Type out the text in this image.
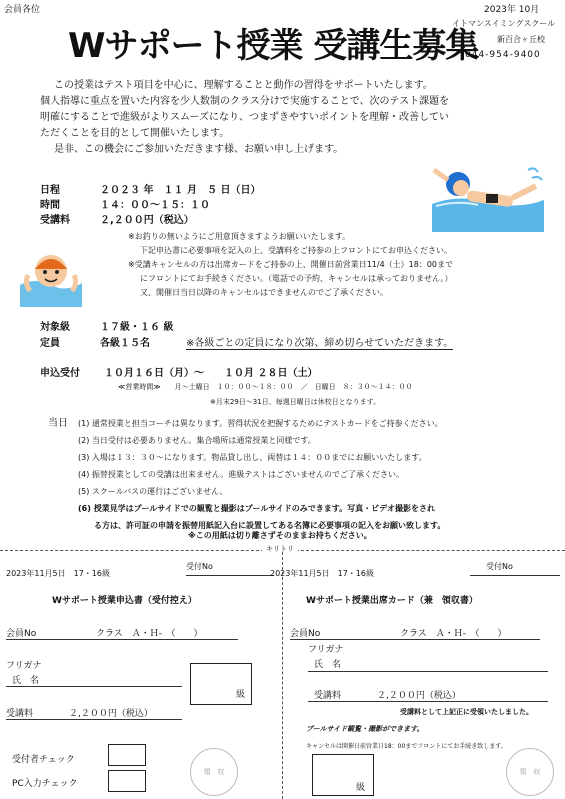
会員各位	2023年 10月
Wサポート授業 受講生募集
イトマンスイミングスクール
新百合ヶ丘校
044-954-9400
この授業はテスト項目を中心に、理解することと動作の習得をサポートいたします。
個人指導に重点を置いた内容を少人数制のクラス分けで実施することで、次のテスト課題を
明確にすることで進級がよりスムーズになり、つまずきやすいポイントを理解・改善してい
ただくことを目的として開催いたします。
是非、この機会にご参加いただきます様、お願い申し上げます。
日程	２０２３ 年　１１ 月　５ 日（日）
時間	１４：００～１５：１０
受講料	２,２００円（税込）
※お釣りの無いようにご用意頂きますようお願いいたします。
下記申込書に必要事項を記入の上、受講料をご持参の上フロントにてお申込ください。
※受講キャンセルの方は出席カードをご持参の上、開催日前営業日11/4（土）18：00まで
にフロントにてお手続きください。（電話での予約、キャンセルは承っておりません。）
又、開催日当日以降のキャンセルはできませんのでご了承ください。
対象級	１７級・１６ 級
定員	各級１５名	※各級ごとの定員になり次第、締め切らせていただきます。
申込受付 １０月１６日（月）～　　１０月 ２８日（土）
≪営業時間≫　　月～土曜日　１０：００～１８：００　／　日曜日　８：３０～１４：００
※月末29日～31日、毎週日曜日は休校日となります。
当日 (1) 通常授業と担当コーチは異なります。習得状況を把握するためにテストカードをご持参ください。
(2) 当日受付は必要ありません。集合場所は通常授業と同様です。
(3) 入場は１３：３０～になります。物品貸し出し、両替は１４：００までにお願いいたします。
(4) 振替授業としての受講は出来ません。進級テストはございませんのでご了承ください。
(5) スクールバスの運行はございません。
(6) 授業見学はプールサイドでの観覧と撮影はプールサイドのみできます。写真・ビデオ撮影をされ
る方は、許可証の申請を振替用紙記入台に設置してある名簿に必要事項の記入をお願い致します。
※この用紙は切り離さずそのままお持ちください。
キリトリ
2023年11月5日　17・16級
受付No
Wサポート授業申込書（受付控え）
会員No	クラス　Ａ・Ｈ-　（　　）
フリガナ
氏　名
級
受講料　　　　２,２００円（税込）
受付者チェック
PC入力チェック
領　収
2023年11月5日　17・16級
受付No
Wサポート授業出席カード（兼　領収書）
会員No	クラス　Ａ・Ｈ-　（　　）
フリガナ
氏　名
受講料　　　　２,２００円（税込）
受講料として上記正に受領いたしました。
プールサイド観覧・撮影ができます。
キャンセルは開催日前営業日18：00までフロントにてお手続き致します。
級
領　収
